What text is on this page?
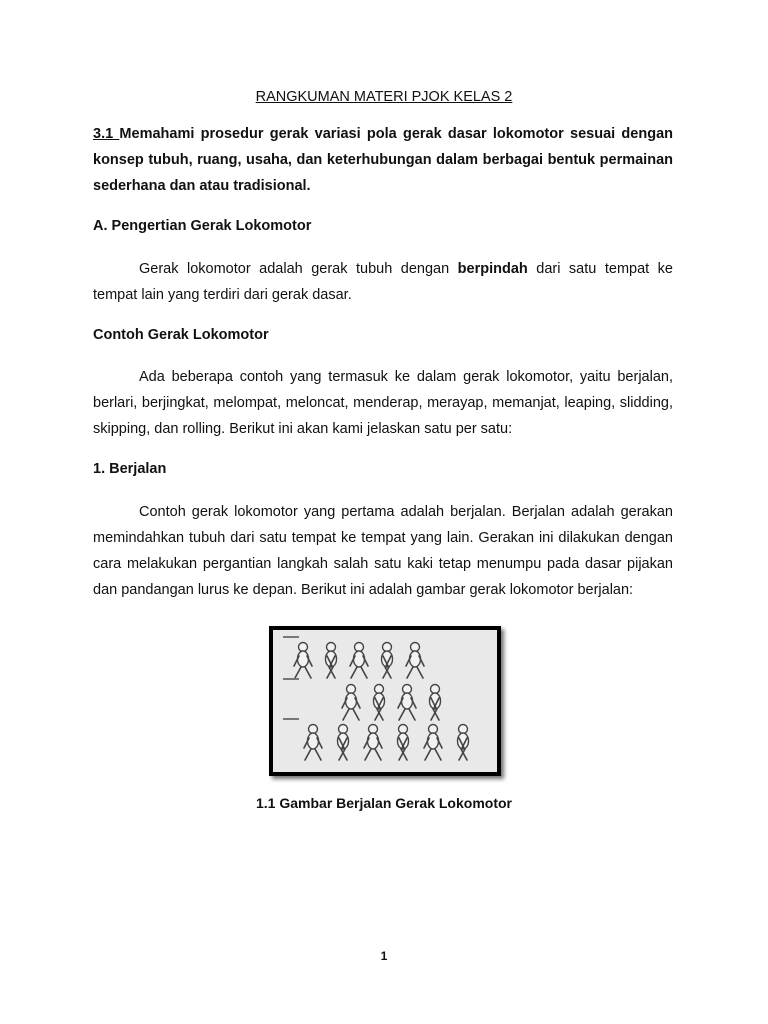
RANGKUMAN MATERI PJOK KELAS 2
3.1 Memahami prosedur gerak variasi pola gerak dasar lokomotor sesuai dengan konsep tubuh, ruang, usaha, dan keterhubungan dalam berbagai bentuk permainan sederhana dan atau tradisional.
A. Pengertian Gerak Lokomotor
Gerak lokomotor adalah gerak tubuh dengan berpindah dari satu tempat ke tempat lain yang terdiri dari gerak dasar.
Contoh Gerak Lokomotor
Ada beberapa contoh yang termasuk ke dalam gerak lokomotor, yaitu berjalan, berlari, berjingkat, melompat, meloncat, menderap, merayap, memanjat, leaping, slidding, skipping, dan rolling. Berikut ini akan kami jelaskan satu per satu:
1. Berjalan
Contoh gerak lokomotor yang pertama adalah berjalan. Berjalan adalah gerakan memindahkan tubuh dari satu tempat ke tempat yang lain. Gerakan ini dilakukan dengan cara melakukan pergantian langkah salah satu kaki tetap menumpu pada dasar pijakan dan pandangan lurus ke depan. Berikut ini adalah gambar gerak lokomotor berjalan:
1.1 Gambar Berjalan Gerak Lokomotor
1
